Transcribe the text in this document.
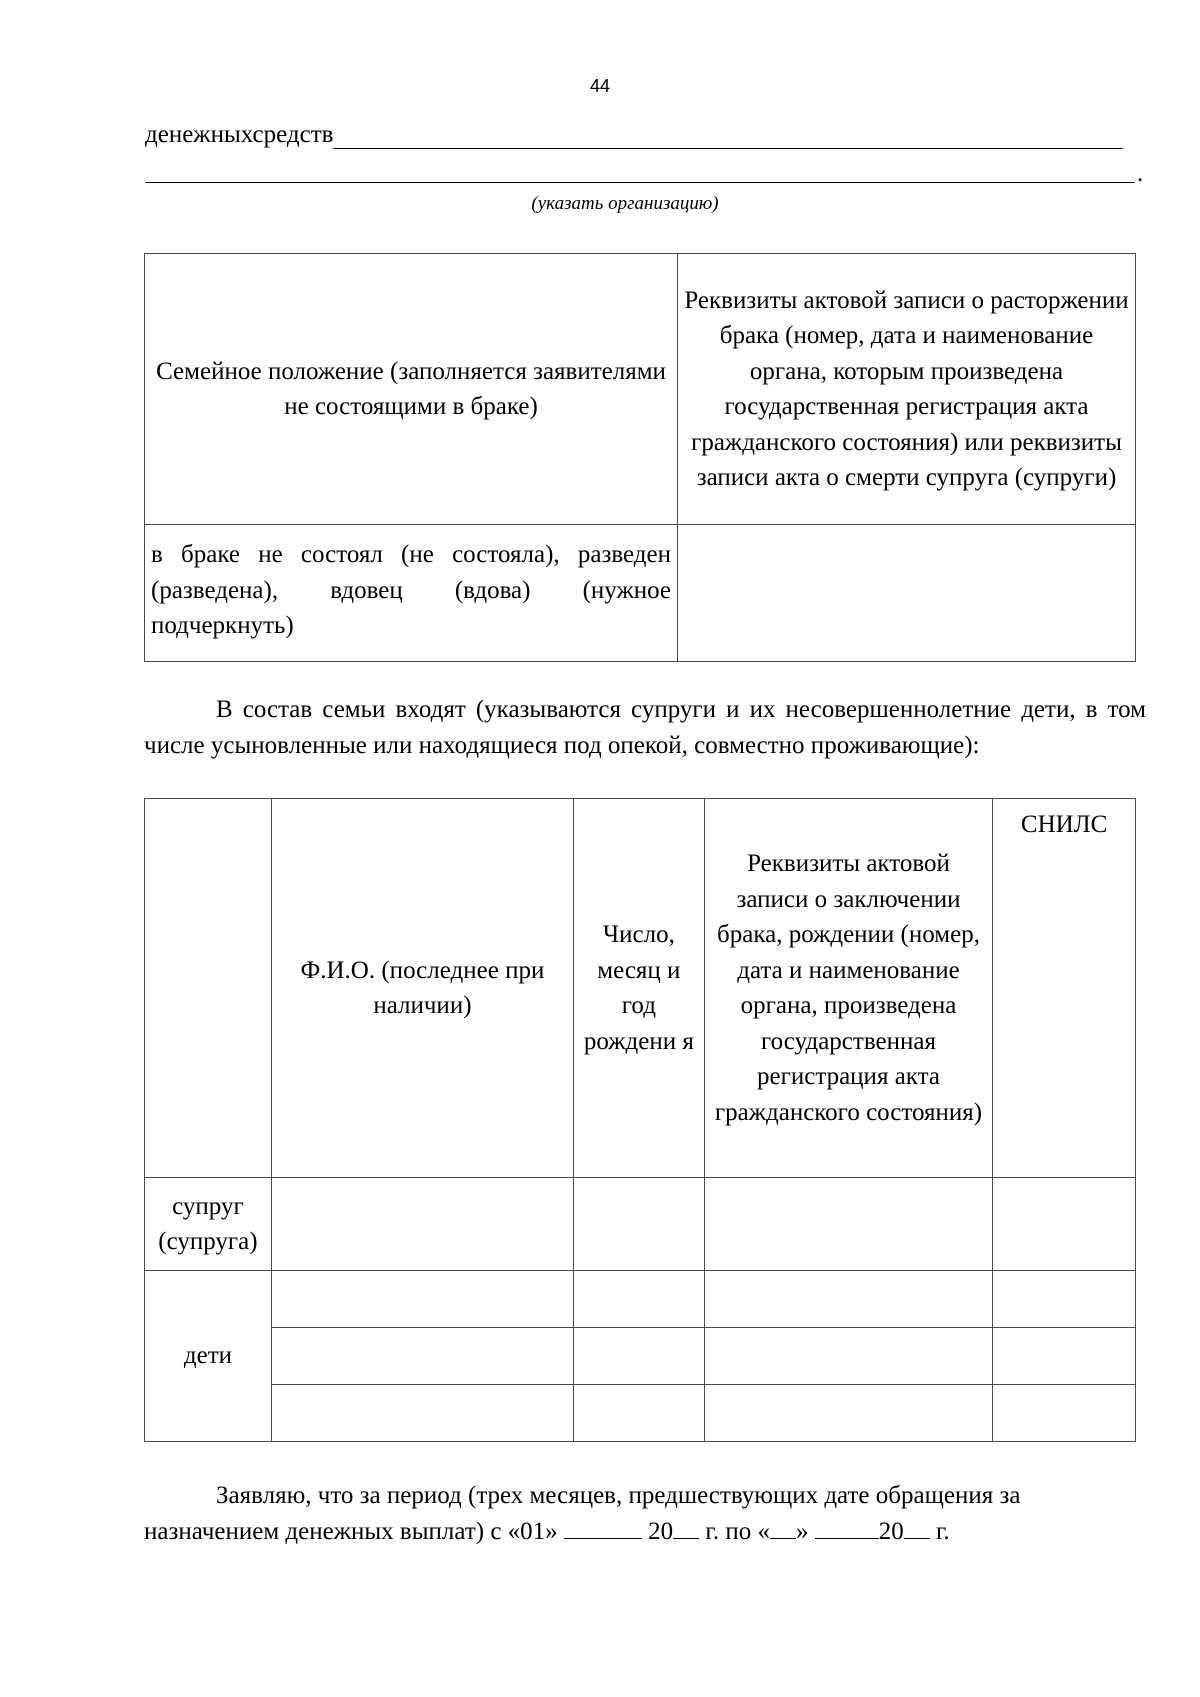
44
денежныхсредств
.
(указать организацию)
Семейное положение (заполняется заявителями не состоящими в браке)	Реквизиты актовой записи о расторжении брака (номер, дата и наименование органа, которым произведена государственная регистрация акта гражданского состояния) или реквизиты записи акта о смерти супруга (супруги)
в браке не состоял (не состояла), разведен (разведена), вдовец (вдова) (нужное подчеркнуть)	
В состав семьи входят (указываются супруги и их несовершеннолетние дети, в том числе усыновленные или находящиеся под опекой, совместно проживающие):
	Ф.И.О. (последнее при наличии)	Число, месяц и год рождени я	Реквизиты актовой записи о заключении брака, рождении (номер, дата и наименование органа, произведена государственная регистрация акта гражданского состояния)	СНИЛС
супруг (супруга)				
дети				

Заявляю, что за период (трех месяцев, предшествующих дате обращения за назначением денежных выплат) с «01»	20 г. по « »	20 г.
